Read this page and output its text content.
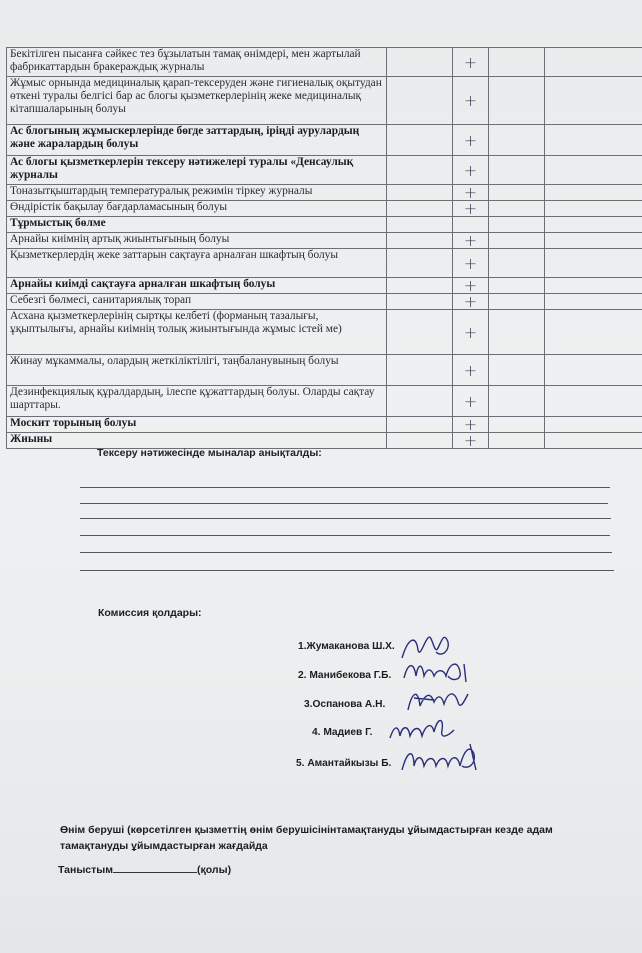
Бекітілген пысанға сәйкес тез бұзылатын тамақ өнімдері, мен жартылай фабрикаттардын бракераждық журналы		+		
Жұмыс орнында медициналық қарап-тексеруден және гигиеналық оқытудан өткені туралы белгісі бар ас блогы қызметкерлерінің жеке медициналық кітапшаларының болуы		+		
Ас блогының жұмыскерлерінде бөгде заттардың, іріңді аурулардың және жаралардың болуы		+		
Ас блогы қызметкерлерін тексеру нәтижелері туралы «Денсаулық журналы		+		
Тоназытқыштардың температуралық режимін тіркеу журналы		+		
Өндірістік бақылау бағдарламасының болуы		+		
Тұрмыстық бөлме				
Арнайы киімнің артық жиынтығының болуы		+		
Қызметкерлердің жеке заттарын сақтауға арналған шкафтың болуы		+		
Арнайы киімді сақтауға арналған шкафтың болуы		+		
Себезгі бөлмесі, санитариялық торап		+		
Асхана қызметкерлерінің сыртқы келбеті (форманың тазалығы, ұқыптылығы, арнайы киімнің толық жиынтығында жұмыс істей ме)		+		
Жинау мұкаммалы, олардың жеткіліктілігі, таңбаланувының болуы		+		
Дезинфекциялық құралдардың, ілеспе құжаттардың болуы. Оларды сақтау шарттары.		+		
Москит торының болуы		+		
Жиыны		+		
Тексеру нәтижесінде мыналар анықталды:
Комиссия қолдары:
1.Жумаканова Ш.Х.
2. Манибекова Г.Б.
3.Оспанова А.Н.
4. Мадиев Г.
5. Амантайкызы Б.
Өнім беруші (көрсетілген қызметтің өнім берушісінінтамақтануды ұйымдастырған кезде адам тамақтануды ұйымдастырған жағдайда
Таныстым	(қолы)
